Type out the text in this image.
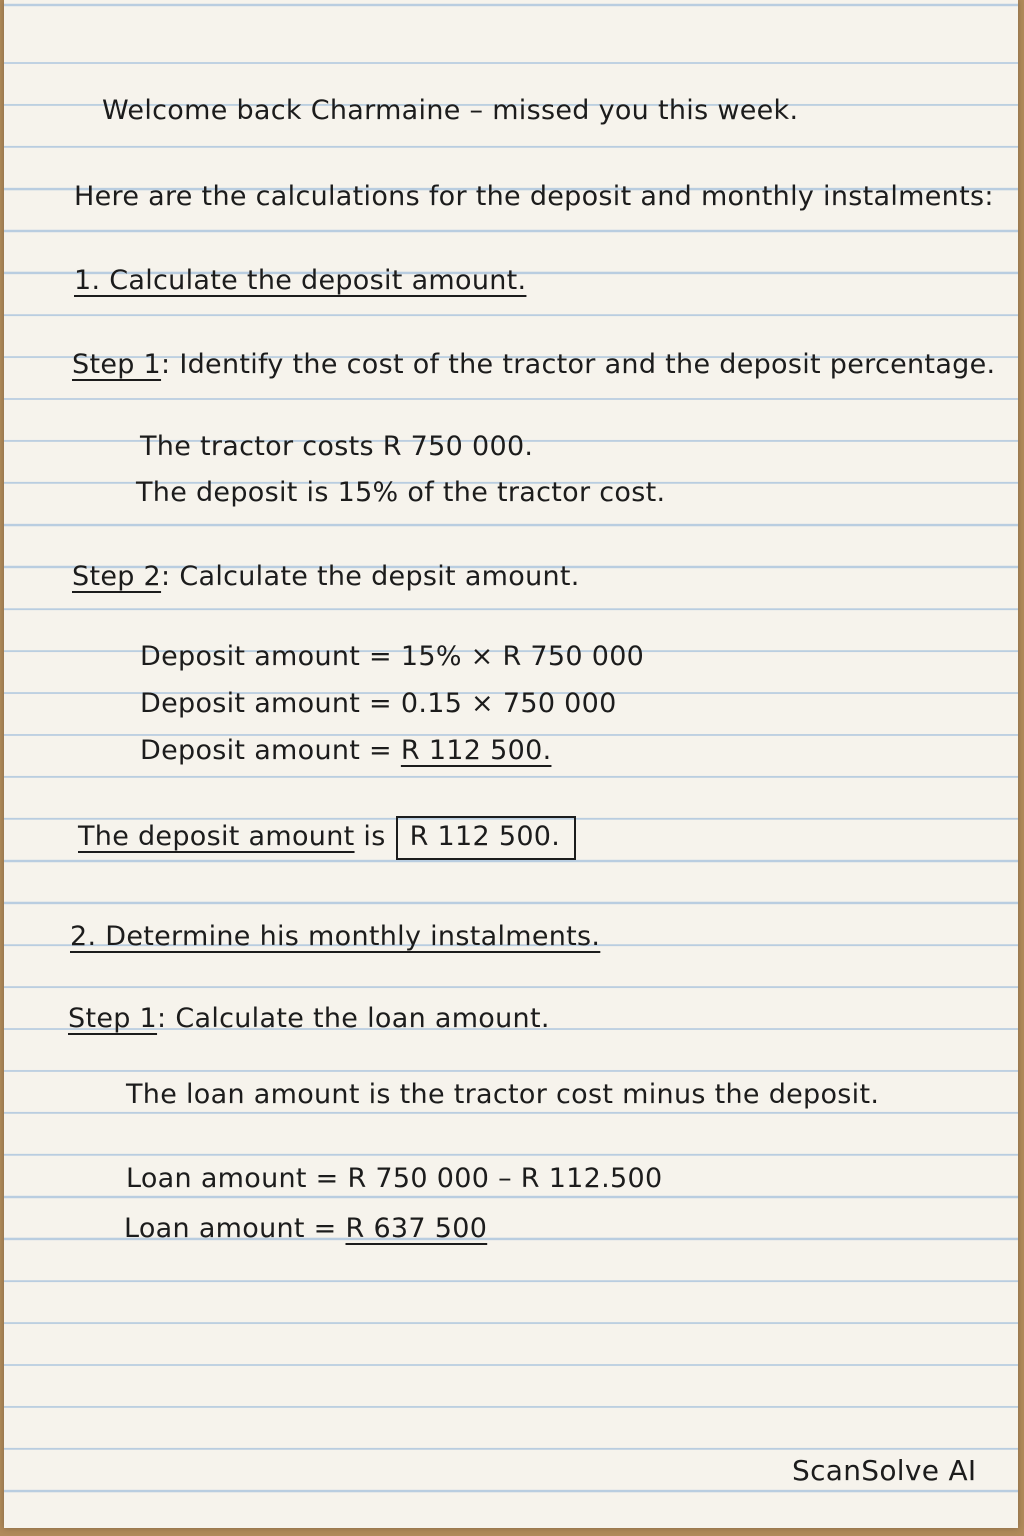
Welcome back Charmaine – missed you this week.

Here are the calculations for the deposit and monthly instalments:

1. Calculate the deposit amount.

Step 1: Identify the cost of the tractor and the deposit percentage.

The tractor costs R 750 000.

The deposit is 15% of the tractor cost.

Step 2: Calculate the depsit amount.

Deposit amount = 15% × R 750 000

Deposit amount = 0.15 × 750 000

Deposit amount = R 112 500.

The deposit amount is R 112 500.

2. Determine his monthly instalments.

Step 1: Calculate the loan amount.

The loan amount is the tractor cost minus the deposit.

Loan amount = R 750 000 – R 112.500

Loan amount = R 637 500

ScanSolve AI
